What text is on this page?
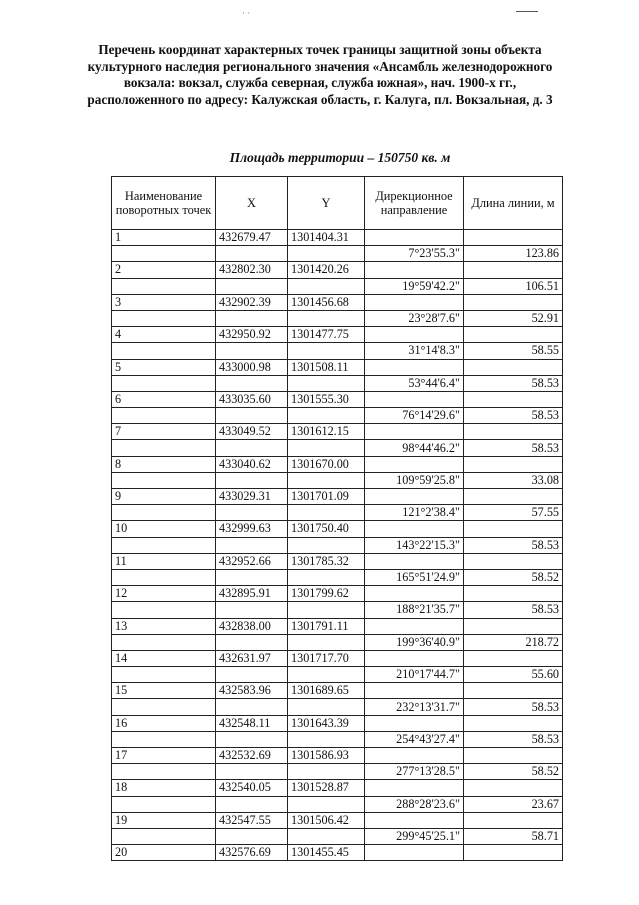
· ·
Перечень координат характерных точек границы защитной зоны объекта
культурного наследия регионального значения «Ансамбль железнодорожного
вокзала: вокзал, служба северная, служба южная», нач. 1900-х гг.,
расположенного по адресу: Калужская область, г. Калуга, пл. Вокзальная, д. 3
Площадь территории – 150750 кв. м
Наименование поворотных точек	X	Y	Дирекционное направление	Длина линии, м
1	432679.47	1301404.31		
			7°23'55.3"	123.86
2	432802.30	1301420.26		
			19°59'42.2"	106.51
3	432902.39	1301456.68		
			23°28'7.6"	52.91
4	432950.92	1301477.75		
			31°14'8.3"	58.55
5	433000.98	1301508.11		
			53°44'6.4"	58.53
6	433035.60	1301555.30		
			76°14'29.6"	58.53
7	433049.52	1301612.15		
			98°44'46.2"	58.53
8	433040.62	1301670.00		
			109°59'25.8"	33.08
9	433029.31	1301701.09		
			121°2'38.4"	57.55
10	432999.63	1301750.40		
			143°22'15.3"	58.53
11	432952.66	1301785.32		
			165°51'24.9"	58.52
12	432895.91	1301799.62		
			188°21'35.7"	58.53
13	432838.00	1301791.11		
			199°36'40.9"	218.72
14	432631.97	1301717.70		
			210°17'44.7"	55.60
15	432583.96	1301689.65		
			232°13'31.7"	58.53
16	432548.11	1301643.39		
			254°43'27.4"	58.53
17	432532.69	1301586.93		
			277°13'28.5"	58.52
18	432540.05	1301528.87		
			288°28'23.6"	23.67
19	432547.55	1301506.42		
			299°45'25.1"	58.71
20	432576.69	1301455.45		
